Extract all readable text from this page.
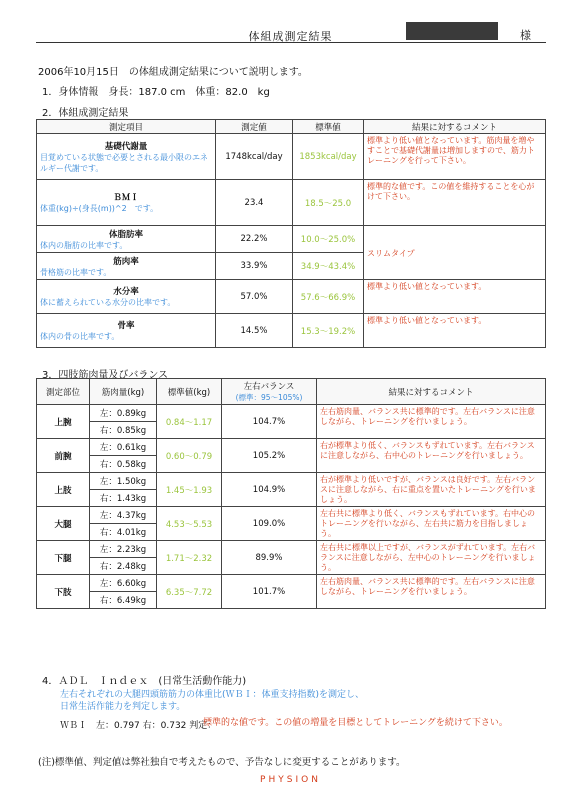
体組成測定結果	様
2006年10月15日　の体組成測定結果について説明します。
1．身体情報　 身長：187.0 cm　体重：82.0　kg
2．体組成測定結果
測定項目	測定値	標準値	結果に対するコメント

基礎代謝量
目覚めている状態で必要とされる最小限のエネルギー代謝です。	1748kcal/day	1853kcal/day	標準より低い値となっています。筋肉量を増やすことで基礎代謝量は増加しますので、筋力トレーニングを行って下さい。

ＢＭＩ
体重(kg)÷(身長(m))^2　です。	23.4	18.5～25.0	標準的な値です。この値を維持することを心がけて下さい。

体脂肪率
体内の脂肪の比率です。	22.2%	10.0～25.0%	スリムタイプ

筋肉率
骨格筋の比率です。	33.9%	34.9～43.4%	

水分率
体に蓄えられている水分の比率です。	57.0%	57.6～66.9%	標準より低い値となっています。

骨率
体内の骨の比率です。	14.5%	15.3～19.2%	標準より低い値となっています。
3．四肢筋肉量及びバランス
測定部位	筋肉量(kg)	標準値(kg)	左右バランス
(標準：95～105%)	結果に対するコメント
上腕	左：0.89kg	0.84～1.17	104.7%	左右筋肉量、バランス共に標準的です。左右バランスに注意しながら、トレーニングを行いましょう。
	右：0.85kg			
前腕	左：0.61kg	0.60～0.79	105.2%	右が標準より低く、バランスもずれています。左右バランスに注意しながら、右中心のトレーニングを行いましょう。
	右：0.58kg			
上肢	左：1.50kg	1.45～1.93	104.9%	右が標準より低いですが、バランスは良好です。左右バランスに注意しながら、右に重点を置いたトレーニングを行いましょう。
	右：1.43kg			
大腿	左：4.37kg	4.53～5.53	109.0%	左右共に標準より低く、バランスもずれています。右中心のトレーニングを行いながら、左右共に筋力を目指しましょう。
	右：4.01kg			
下腿	左：2.23kg	1.71～2.32	89.9%	左右共に標準以上ですが、バランスがずれています。左右バランスに注意しながら、左中心のトレーニングを行いましょう。
	右：2.48kg			
下肢	左：6.60kg	6.35～7.72	101.7%	左右筋肉量、バランス共に標準的です。左右バランスに注意しながら、トレーニングを行いましょう。
	右：6.49kg			
左右それぞれの大腿四頭筋筋力の体重比(ＷＢＩ：体重支持指数)を測定し、
日常生活作能力を判定します。
4．ＡＤＬ　Ｉｎｄｅｘ　(日常生活動作能力)
ＷＢＩ　左：0.797 右：0.732 判定：
標準的な値です。この値の増量を目標としてトレーニングを続けて下さい。
(注)標準値、判定値は弊社独自で考えたもので、予告なしに変更することがあります。
PHYSION
